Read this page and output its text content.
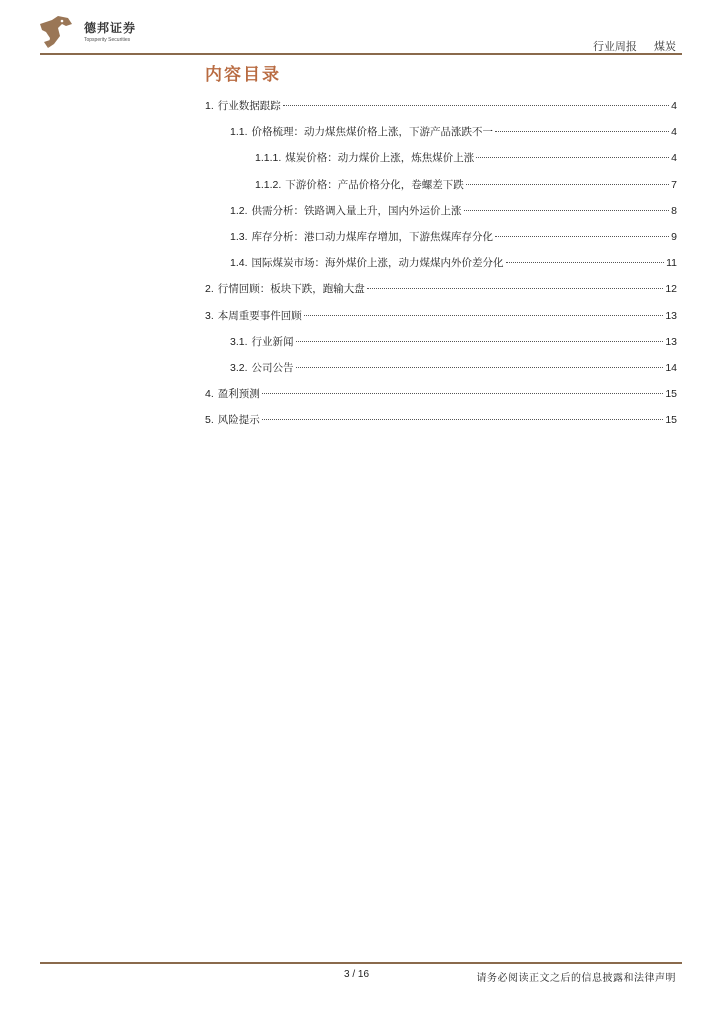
德邦证券
Topsperity Securities
行业周报 煤炭
内容目录
1. 行业数据跟踪	4
1.1. 价格梳理：动力煤焦煤价格上涨，下游产品涨跌不一	4
1.1.1. 煤炭价格：动力煤价上涨，炼焦煤价上涨	4
1.1.2. 下游价格：产品价格分化，卷螺差下跌	7
1.2. 供需分析：铁路调入量上升，国内外运价上涨	8
1.3. 库存分析：港口动力煤库存增加，下游焦煤库存分化	9
1.4. 国际煤炭市场：海外煤价上涨，动力煤煤内外价差分化	11
2. 行情回顾：板块下跌，跑输大盘	12
3. 本周重要事件回顾	13
3.1. 行业新闻	13
3.2. 公司公告	14
4. 盈利预测	15
5. 风险提示	15
3 / 16	请务必阅读正文之后的信息披露和法律声明
